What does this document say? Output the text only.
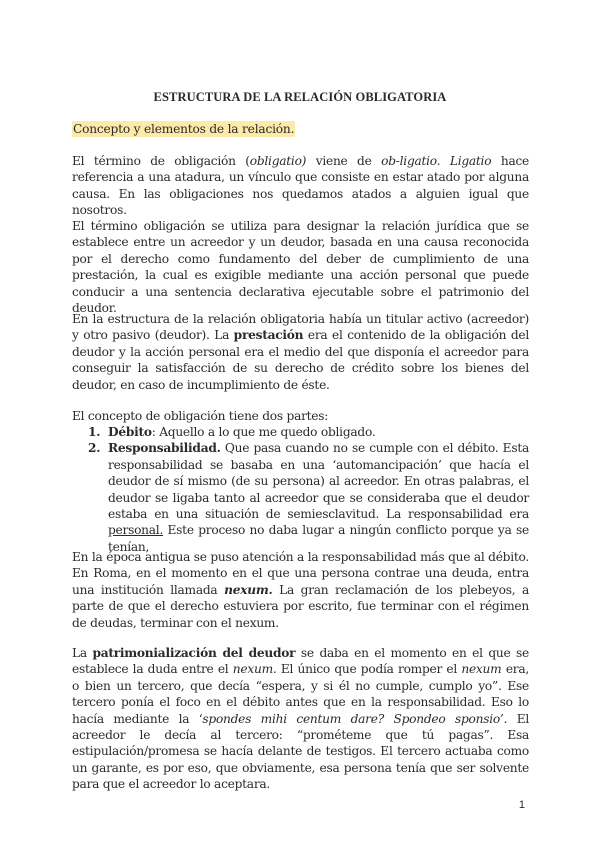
ESTRUCTURA DE LA RELACIÓN OBLIGATORIA
Concepto y elementos de la relación.

El término de obligación (obligatio) viene de ob-ligatio. Ligatio hace referencia a una atadura, un vínculo que consiste en estar atado por alguna causa. En las obligaciones nos quedamos atados a alguien igual que nosotros.

El término obligación se utiliza para designar la relación jurídica que se establece entre un acreedor y un deudor, basada en una causa reconocida por el derecho como fundamento del deber de cumplimiento de una prestación, la cual es exigible mediante una acción personal que puede conducir a una sentencia declarativa ejecutable sobre el patrimonio del deudor.

En la estructura de la relación obligatoria había un titular activo (acreedor) y otro pasivo (deudor). La prestación era el contenido de la obligación del deudor y la acción personal era el medio del que disponía el acreedor para conseguir la satisfacción de su derecho de crédito sobre los bienes del deudor, en caso de incumplimiento de éste.

El concepto de obligación tiene dos partes:
1. Débito: Aquello a lo que me quedo obligado.
2. Responsabilidad. Que pasa cuando no se cumple con el débito. Esta responsabilidad se basaba en una ‘automancipación’ que hacía el deudor de sí mismo (de su persona) al acreedor. En otras palabras, el deudor se ligaba tanto al acreedor que se consideraba que el deudor estaba en una situación de semiesclavitud. La responsabilidad era personal. Este proceso no daba lugar a ningún conflicto porque ya se tenían,

En la época antigua se puso atención a la responsabilidad más que al débito. En Roma, en el momento en el que una persona contrae una deuda, entra una institución llamada nexum. La gran reclamación de los plebeyos, a parte de que el derecho estuviera por escrito, fue terminar con el régimen de deudas, terminar con el nexum.

La patrimonialización del deudor se daba en el momento en el que se establece la duda entre el nexum. El único que podía romper el nexum era, o bien un tercero, que decía “espera, y si él no cumple, cumplo yo”. Ese tercero ponía el foco en el débito antes que en la responsabilidad. Eso lo hacía mediante la ‘spondes mihi centum dare? Spondeo sponsio’. El acreedor le decía al tercero: “prométeme que tú pagas”. Esa estipulación/promesa se hacía delante de testigos. El tercero actuaba como un garante, es por eso, que obviamente, esa persona tenía que ser solvente para que el acreedor lo aceptara.

1
